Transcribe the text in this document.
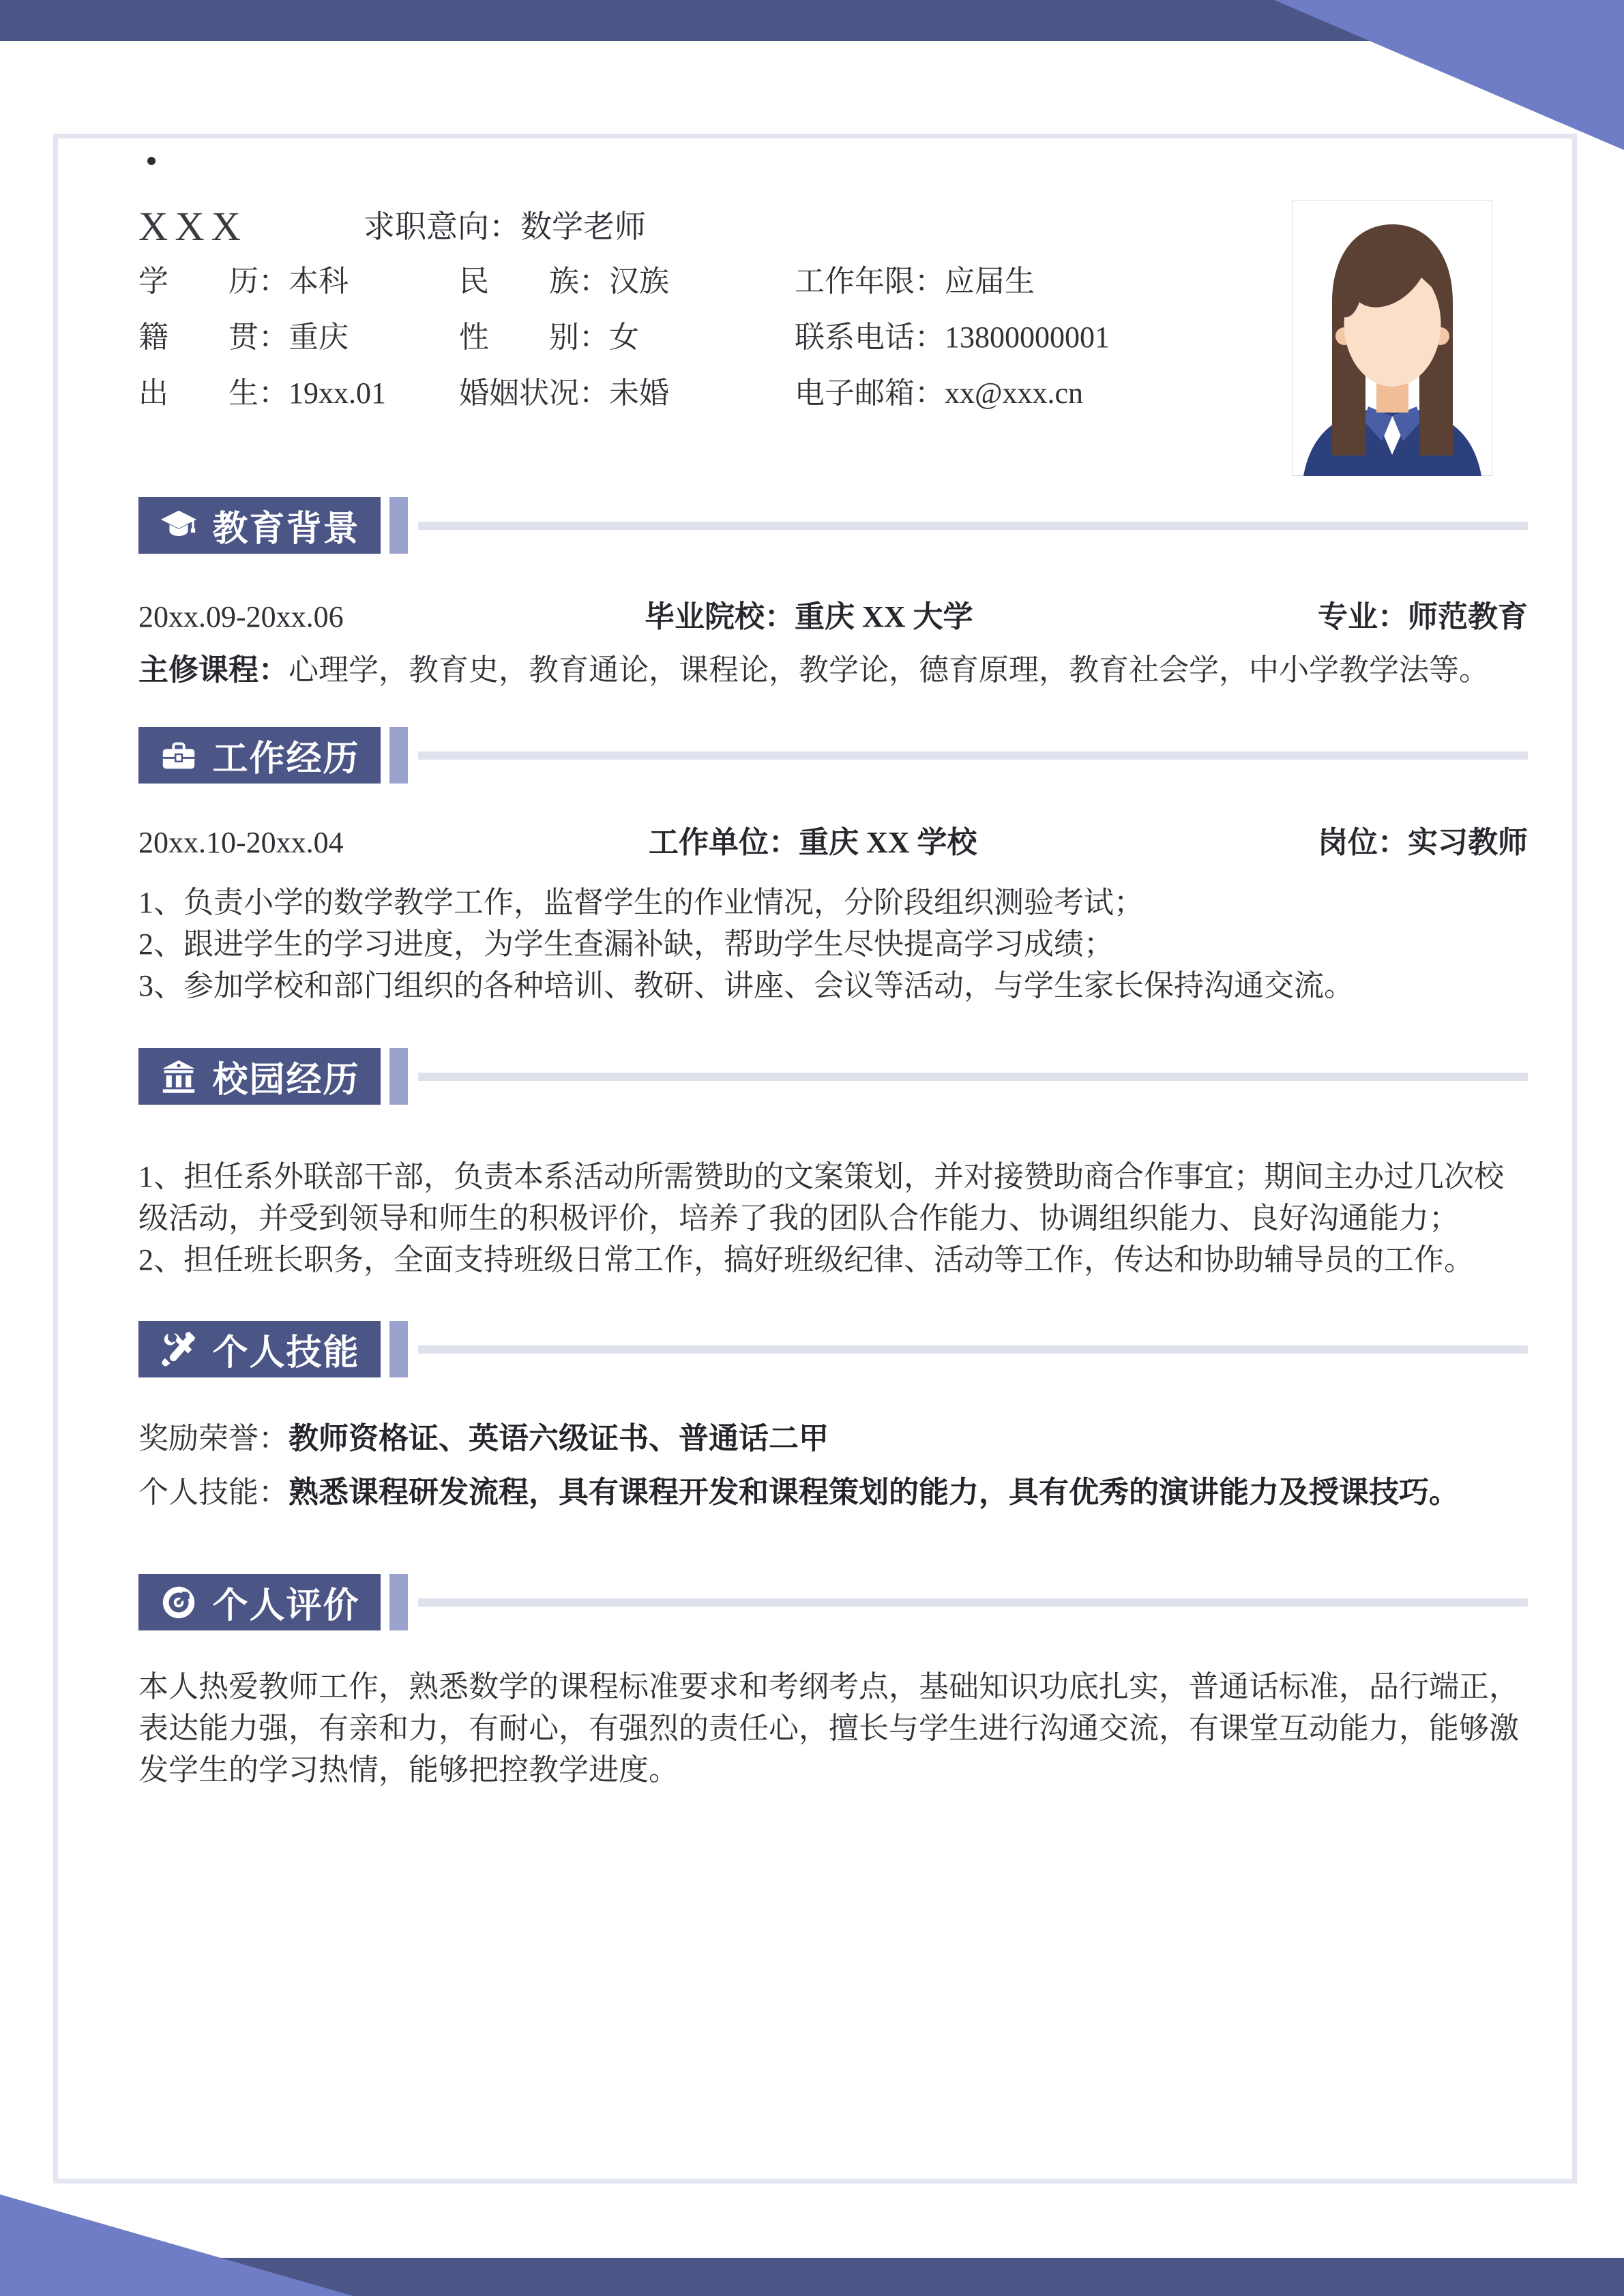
XXX	求职意向：数学老师
学历：本科	民族：汉族	工作年限：应届生
籍贯：重庆	性别：女	联系电话：13800000001
出生：19xx.01	婚姻状况：未婚	电子邮箱：xx@xxx.cn
教育背景
20xx.09-20xx.06	毕业院校：重庆 XX 大学	专业：师范教育
主修课程：心理学，教育史，教育通论，课程论，教学论，德育原理，教育社会学，中小学教学法等。
工作经历
20xx.10-20xx.04	工作单位：重庆 XX 学校	岗位：实习教师
1、负责小学的数学教学工作，监督学生的作业情况，分阶段组织测验考试；
2、跟进学生的学习进度，为学生查漏补缺，帮助学生尽快提高学习成绩；
3、参加学校和部门组织的各种培训、教研、讲座、会议等活动，与学生家长保持沟通交流。
校园经历
1、担任系外联部干部，负责本系活动所需赞助的文案策划，并对接赞助商合作事宜；期间主办过几次校级活动，并受到领导和师生的积极评价，培养了我的团队合作能力、协调组织能力、良好沟通能力；
2、担任班长职务，全面支持班级日常工作，搞好班级纪律、活动等工作，传达和协助辅导员的工作。
个人技能
奖励荣誉：教师资格证、英语六级证书、普通话二甲
个人技能：熟悉课程研发流程，具有课程开发和课程策划的能力，具有优秀的演讲能力及授课技巧。
个人评价
本人热爱教师工作，熟悉数学的课程标准要求和考纲考点，基础知识功底扎实，普通话标准，品行端正，表达能力强，有亲和力，有耐心，有强烈的责任心，擅长与学生进行沟通交流，有课堂互动能力，能够激发学生的学习热情，能够把控教学进度。
